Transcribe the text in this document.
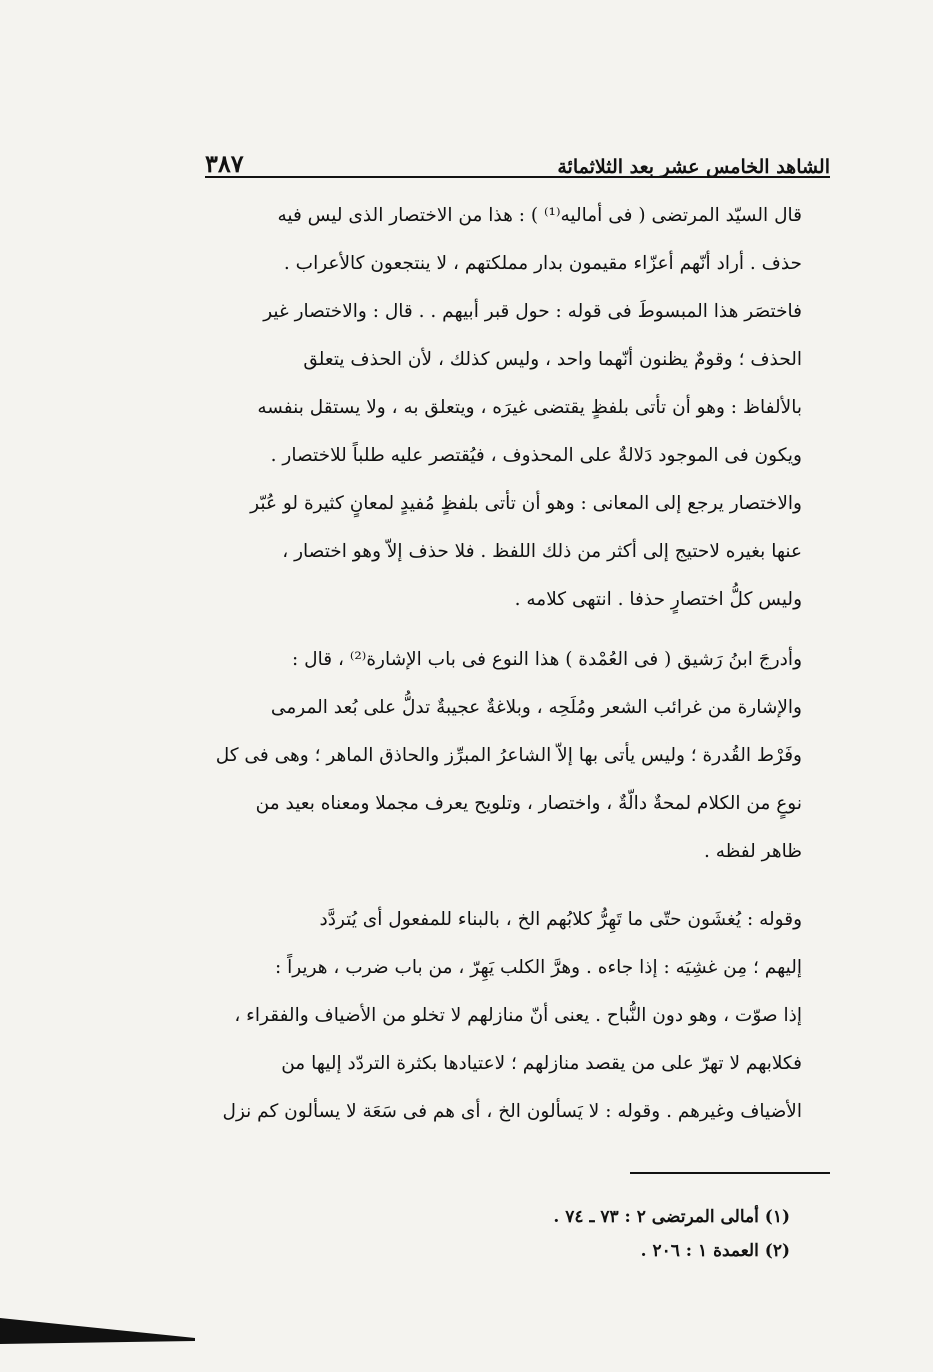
الشاهد الخامس عشر بعد الثلاثمائة
٣٨٧

قال السيّد المرتضى ( فى أماليه⁽¹⁾ ) : هذا من الاختصار الذى ليس فيه
حذف . أراد أنّهم أعزّاء مقيمون بدار مملكتهم ، لا ينتجعون كالأعراب .
فاختصَر هذا المبسوطَ فى قوله : حول قبر أبيهم . . قال : والاختصار غير
الحذف ؛ وقومٌ يظنون أنّهما واحد ، وليس كذلك ، لأن الحذف يتعلق
بالألفاظ : وهو أن تأتى بلفظٍ يقتضى غيرَه ، ويتعلق به ، ولا يستقل بنفسه
ويكون فى الموجود دَلالةٌ على المحذوف ، فيُقتصر عليه طلباً للاختصار .
والاختصار يرجع إلى المعانى : وهو أن تأتى بلفظٍ مُفيدٍ لمعانٍ كثيرة لو عُبّر
عنها بغيره لاحتيج إلى أكثر من ذلك اللفظ . فلا حذف إلاّ وهو اختصار ،
وليس كلُّ اختصارٍ حذفا . انتهى كلامه .

وأدرجَ ابنُ رَشيق ( فى العُمْدة ) هذا النوع فى باب الإشارة⁽²⁾ ، قال :
والإشارة من غرائب الشعر ومُلَحِه ، وبلاغةٌ عجيبةٌ تدلُّ على بُعد المرمى
وفَرْط القُدرة ؛ وليس يأتى بها إلاّ الشاعرُ المبرِّز والحاذق الماهر ؛ وهى فى كل
نوعٍ من الكلام لمحةٌ دالّةٌ ، واختصار ، وتلويح يعرف مجملا ومعناه بعيد من
ظاهر لفظه .

وقوله : يُغشَون حتّى ما تَهِرُّ كلابُهم الخ ، بالبناء للمفعول أى يُتردَّد
إليهم ؛ مِن غشِيَه : إذا جاءه . وهرَّ الكلب يَهِرّ ، من باب ضرب ، هريراً :
إذا صوّت ، وهو دون النُّباح . يعنى أنّ منازلهم لا تخلو من الأضياف والفقراء ،
فكلابهم لا تهرّ على من يقصد منازلهم ؛ لاعتيادها بكثرة التردّد إليها من
الأضياف وغيرهم . وقوله : لا يَسألون الخ ، أى هم فى سَعَة لا يسألون كم نزل

(١) أمالى المرتضى ٢ : ٧٣ ـ ٧٤ .
(٢) العمدة ١ : ٢٠٦ .
